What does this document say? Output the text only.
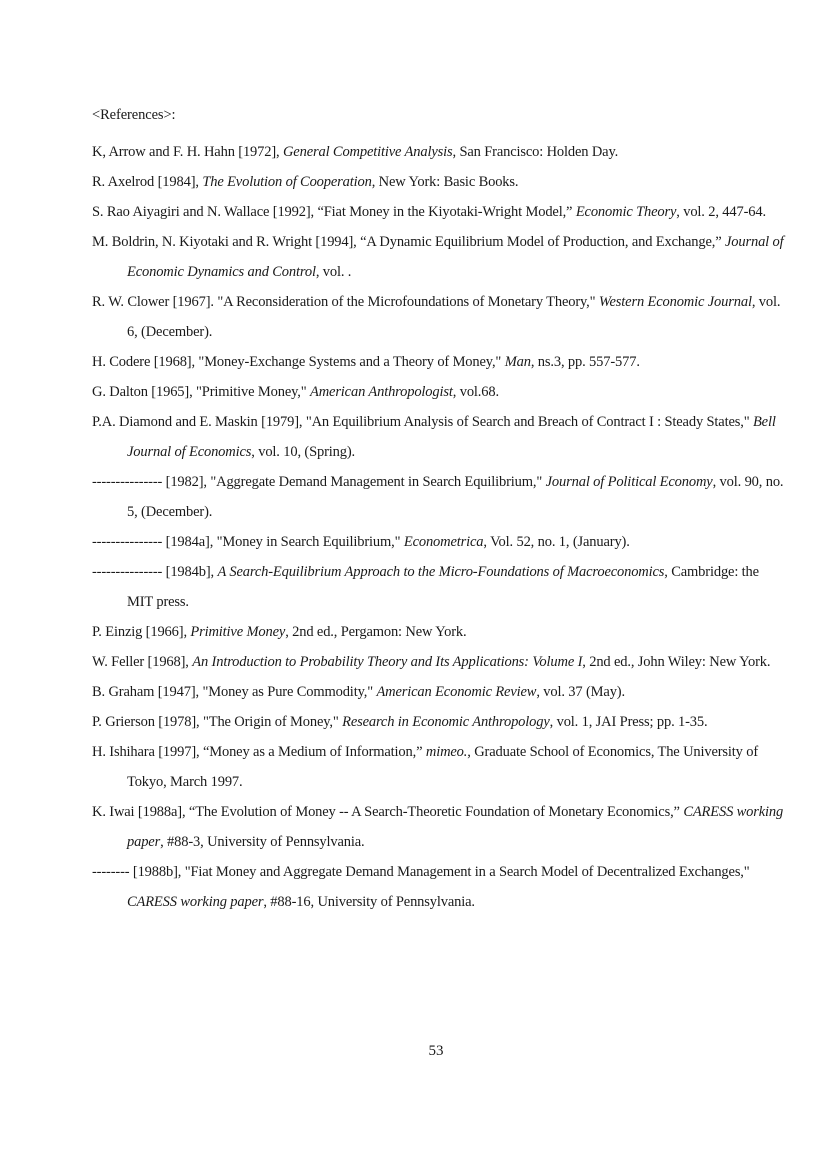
<References>:
K, Arrow and F. H. Hahn [1972], General Competitive Analysis, San Francisco: Holden Day.
R. Axelrod [1984], The Evolution of Cooperation, New York: Basic Books.
S. Rao Aiyagiri and N. Wallace [1992], “Fiat Money in the Kiyotaki-Wright Model,” Economic Theory, vol. 2, 447-64.
M. Boldrin, N. Kiyotaki and R. Wright [1994], “A Dynamic Equilibrium Model of Production, and Exchange,” Journal of Economic Dynamics and Control, vol. .
R. W. Clower [1967]. "A Reconsideration of the Microfoundations of Monetary Theory," Western Economic Journal, vol. 6, (December).
H. Codere [1968], "Money-Exchange Systems and a Theory of Money," Man, ns.3, pp. 557-577.
G. Dalton [1965], "Primitive Money," American Anthropologist, vol.68.
P.A. Diamond and E. Maskin [1979], "An Equilibrium Analysis of Search and Breach of Contract I : Steady States," Bell Journal of Economics, vol. 10, (Spring).
--------------- [1982], "Aggregate Demand Management in Search Equilibrium," Journal of Political Economy, vol. 90, no. 5, (December).
--------------- [1984a], "Money in Search Equilibrium," Econometrica, Vol. 52, no. 1, (January).
--------------- [1984b], A Search-Equilibrium Approach to the Micro-Foundations of Macroeconomics, Cambridge: the MIT press.
P. Einzig [1966], Primitive Money, 2nd ed., Pergamon: New York.
W. Feller [1968], An Introduction to Probability Theory and Its Applications: Volume I, 2nd ed., John Wiley: New York.
B. Graham [1947], "Money as Pure Commodity," American Economic Review, vol. 37 (May).
P. Grierson [1978], "The Origin of Money," Research in Economic Anthropology, vol. 1, JAI Press; pp. 1-35.
H. Ishihara [1997], “Money as a Medium of Information,” mimeo., Graduate School of Economics, The University of Tokyo, March 1997.
K. Iwai [1988a], “The Evolution of Money -- A Search-Theoretic Foundation of Monetary Economics,” CARESS working paper, #88-3, University of Pennsylvania.
-------- [1988b], "Fiat Money and Aggregate Demand Management in a Search Model of Decentralized Exchanges," CARESS working paper, #88-16, University of Pennsylvania.
53
